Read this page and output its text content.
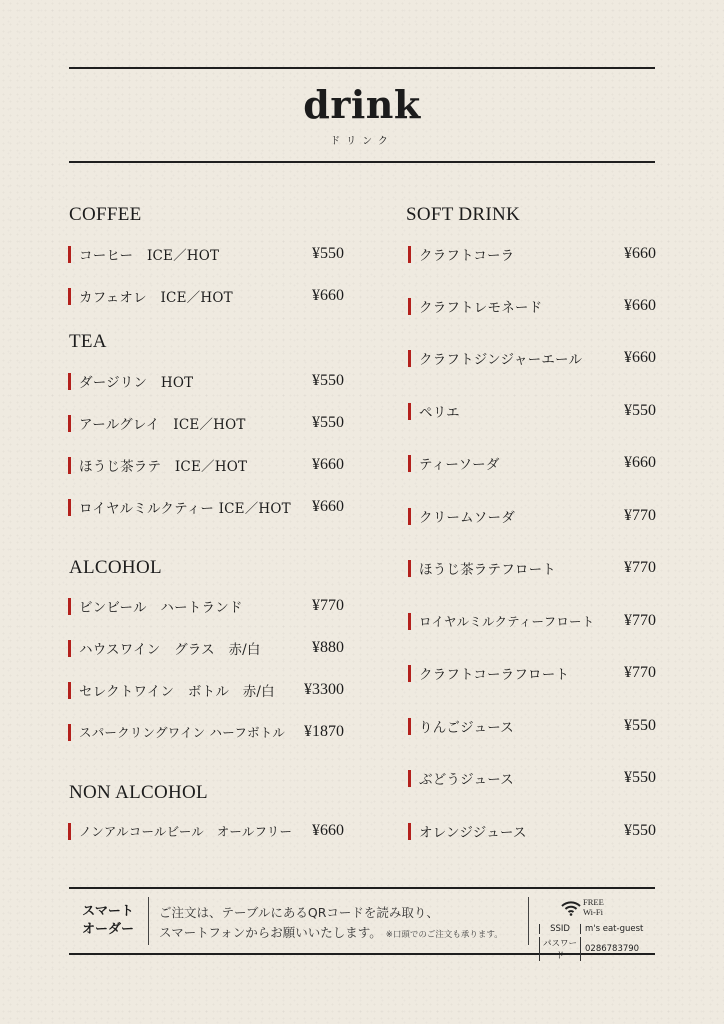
drink
ドリンク
COFFEE
コーヒー　ICE／HOT	¥550
カフェオレ　ICE／HOT	¥660
TEA
ダージリン　HOT	¥550
アールグレイ　ICE／HOT	¥550
ほうじ茶ラテ　ICE／HOT	¥660
ロイヤルミルクティー ICE／HOT	¥660
ALCOHOL
ビンビール　ハートランド	¥770
ハウスワイン　グラス　赤/白	¥880
セレクトワイン　ボトル　赤/白	¥3300
スパークリングワイン ハーフボトル	¥1870
NON ALCOHOL
ノンアルコールビール　オールフリー	¥660
SOFT DRINK
クラフトコーラ	¥660
クラフトレモネード	¥660
クラフトジンジャーエール	¥660
ペリエ	¥550
ティーソーダ	¥660
クリームソーダ	¥770
ほうじ茶ラテフロート	¥770
ロイヤルミルクティーフロート	¥770
クラフトコーラフロート	¥770
りんごジュース	¥550
ぶどうジュース	¥550
オレンジジュース	¥550
スマート
オーダー
ご注文は、テーブルにあるQRコードを読み取り、
スマートフォンからお願いいたします。 ※口頭でのご注文も承ります。
FREE
Wi-Fi
SSID	m's eat-guest
パスワード
0286783790
